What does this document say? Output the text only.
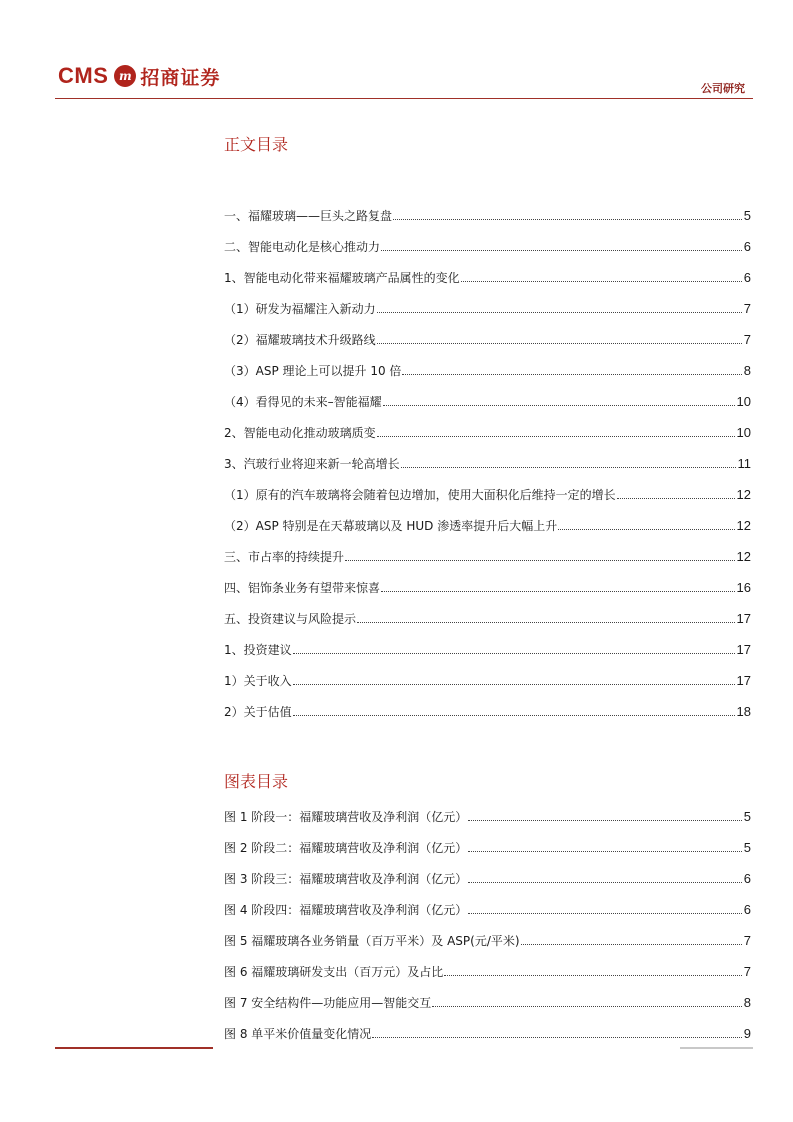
CMS m 招商证券	公司研究
正文目录
一、福耀玻璃——巨头之路复盘	5
二、智能电动化是核心推动力	6
1、智能电动化带来福耀玻璃产品属性的变化	6
（1）研发为福耀注入新动力	7
（2）福耀玻璃技术升级路线	7
（3）ASP 理论上可以提升 10 倍	8
（4）看得见的未来–智能福耀	10
2、智能电动化推动玻璃质变	10
3、汽玻行业将迎来新一轮高增长	11
（1）原有的汽车玻璃将会随着包边增加，使用大面积化后维持一定的增长	12
（2）ASP 特别是在天幕玻璃以及 HUD 渗透率提升后大幅上升	12
三、市占率的持续提升	12
四、铝饰条业务有望带来惊喜	16
五、投资建议与风险提示	17
1、投资建议	17
1）关于收入	17
2）关于估值	18
图表目录
图 1 阶段一：福耀玻璃营收及净利润（亿元）	5
图 2 阶段二：福耀玻璃营收及净利润（亿元）	5
图 3 阶段三：福耀玻璃营收及净利润（亿元）	6
图 4 阶段四：福耀玻璃营收及净利润（亿元）	6
图 5 福耀玻璃各业务销量（百万平米）及 ASP(元/平米)	7
图 6 福耀玻璃研发支出（百万元）及占比	7
图 7 安全结构件—功能应用—智能交互	8
图 8 单平米价值量变化情况	9
